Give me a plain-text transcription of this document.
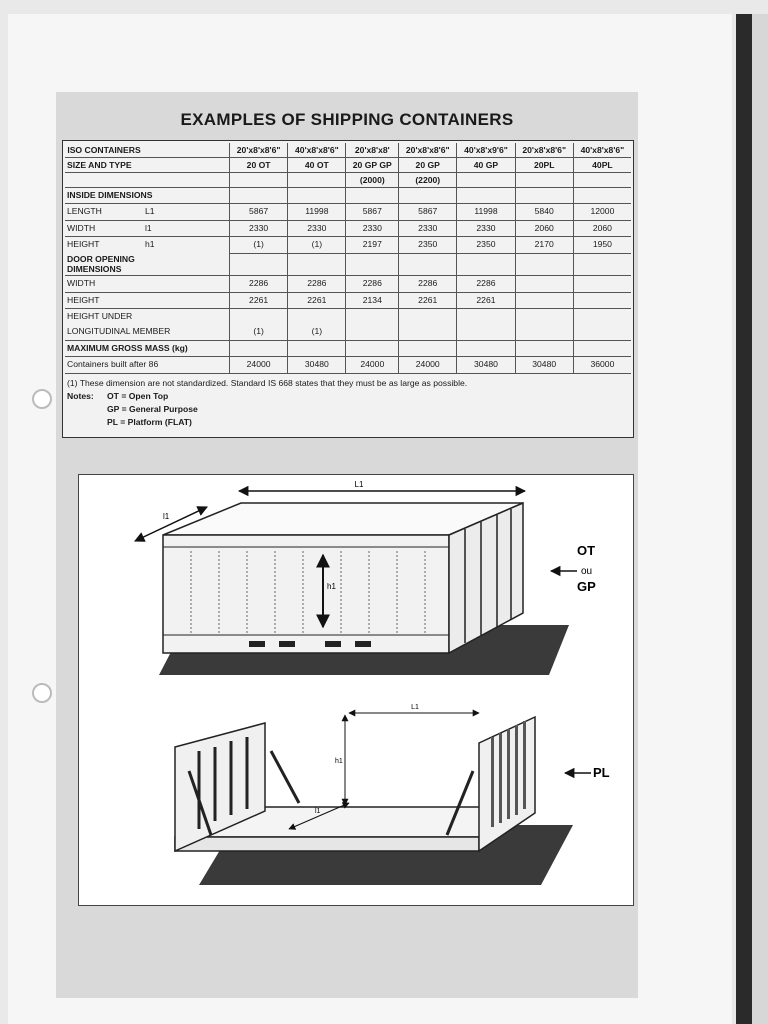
EXAMPLES OF SHIPPING CONTAINERS
ISO CONTAINERS		20'x8'x8'6"	40'x8'x8'6"	20'x8'x8'	20'x8'x8'6"	40'x8'x9'6"	20'x8'x8'6"	40'x8'x8'6"
SIZE AND TYPE		20 OT	40 OT	20 GP GP	20 GP	40 GP	20PL	40PL
				(2000)	(2200)			
INSIDE DIMENSIONS								
LENGTH	L1	5867	11998	5867	5867	11998	5840	12000
WIDTH	l1	2330	2330	2330	2330	2330	2060	2060
HEIGHT	h1	(1)	(1)	2197	2350	2350	2170	1950
DOOR OPENING DIMENSIONS								
WIDTH		2286	2286	2286	2286	2286		
HEIGHT		2261	2261	2134	2261	2261		
HEIGHT UNDER								
LONGITUDINAL MEMBER		(1)	(1)					
MAXIMUM GROSS MASS (kg)								
Containers built after 86		24000	30480	24000	24000	30480	30480	36000
(1) These dimension are not standardized. Standard IS 668 states that they must be as large as possible.
Notes:	OT = Open Top
GP = General Purpose
PL = Platform (FLAT)
L1
l1
h1
OT
ou
GP
L1
h1
l1
PL
